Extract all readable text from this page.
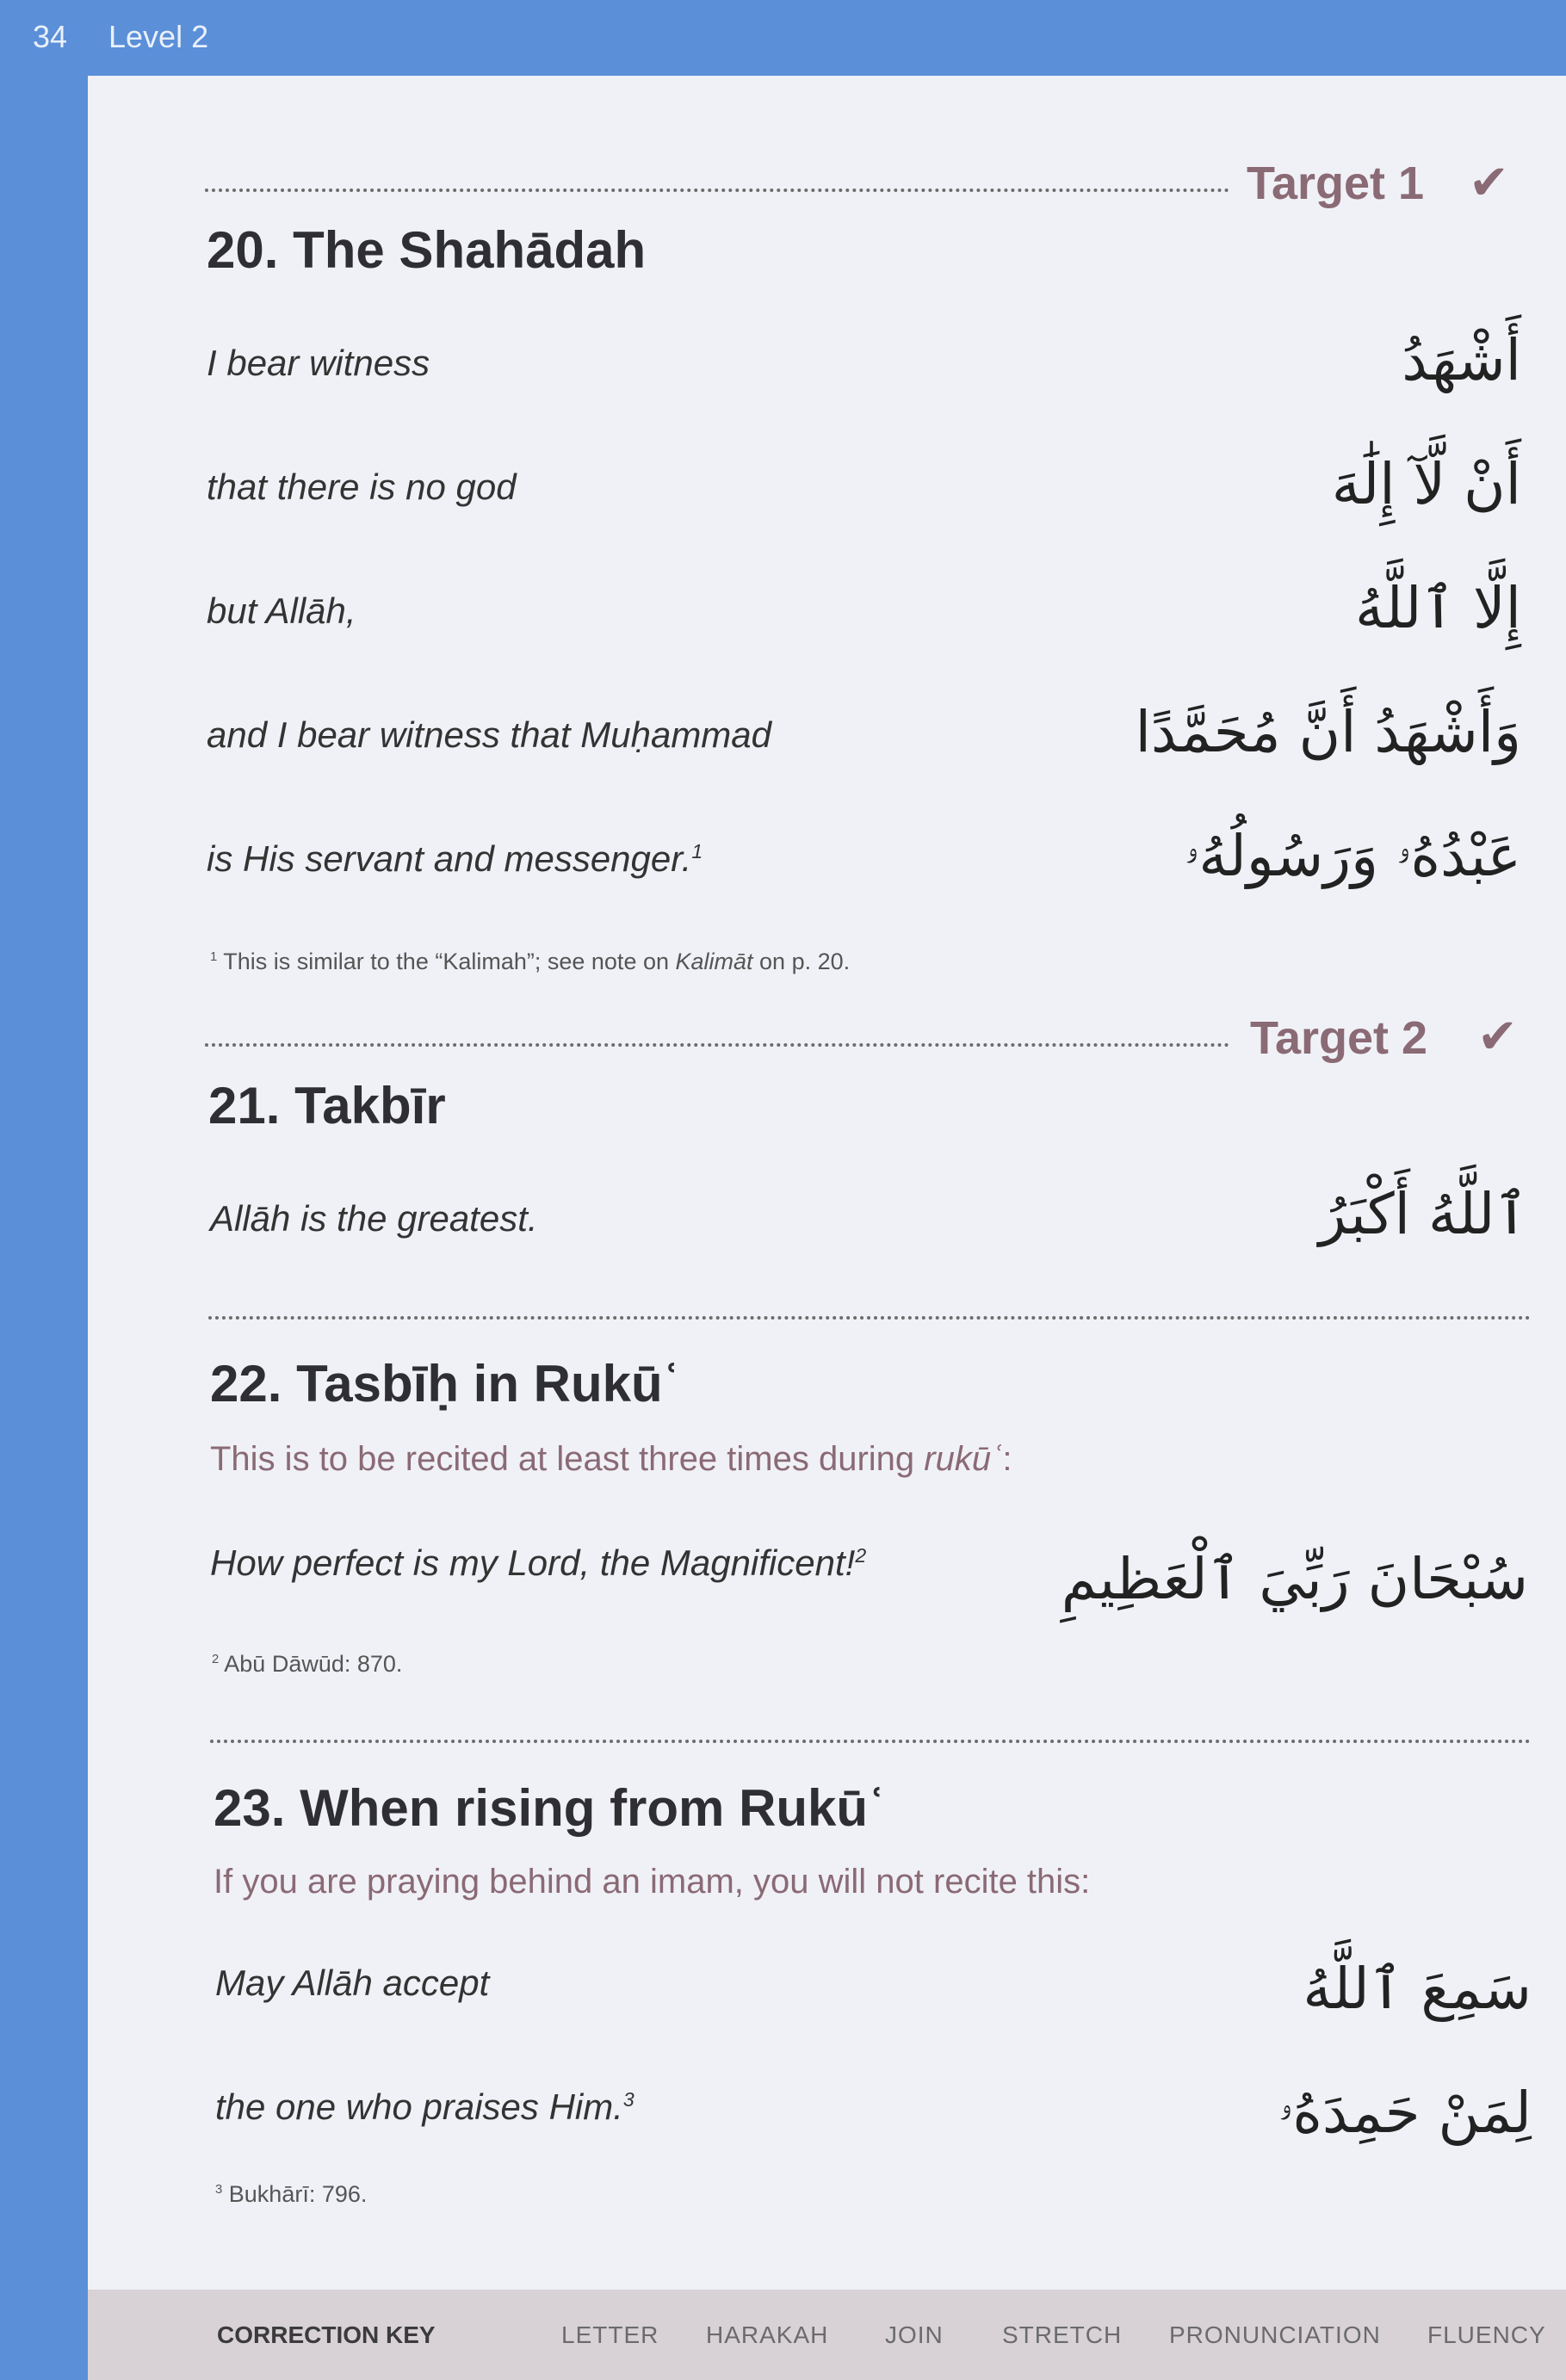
34 Level 2
Target 1 ✔
20. The Shahādah
I bear witness	أَشْهَدُ
that there is no god	أَنْ لَّآ إِلَٰهَ
but Allāh,	إِلَّا ٱللَّهُ
and I bear witness that Muḥammad	وَأَشْهَدُ أَنَّ مُحَمَّدًا
is His servant and messenger.$^1$	عَبْدُهُۥ وَرَسُولُهُۥ
$^1$ This is similar to the “Kalimah”; see note on Kalimāt on p. 20.
Target 2 ✔
21. Takbīr
Allāh is the greatest.	ٱللَّهُ أَكْبَرُ
22. Tasbīḥ in Rukūʿ
This is to be recited at least three times during rukūʿ:
How perfect is my Lord, the Magnificent!$^2$	سُبْحَانَ رَبِّيَ ٱلْعَظِيمِ
$^2$ Abū Dāwūd: 870.
23. When rising from Rukūʿ
If you are praying behind an imam, you will not recite this:
May Allāh accept	سَمِعَ ٱللَّهُ
the one who praises Him.$^3$	لِمَنْ حَمِدَهُۥ
$^3$ Bukhārī: 796.
CORRECTION KEY	LETTER HARAKAH JOIN STRETCH PRONUNCIATION FLUENCY
